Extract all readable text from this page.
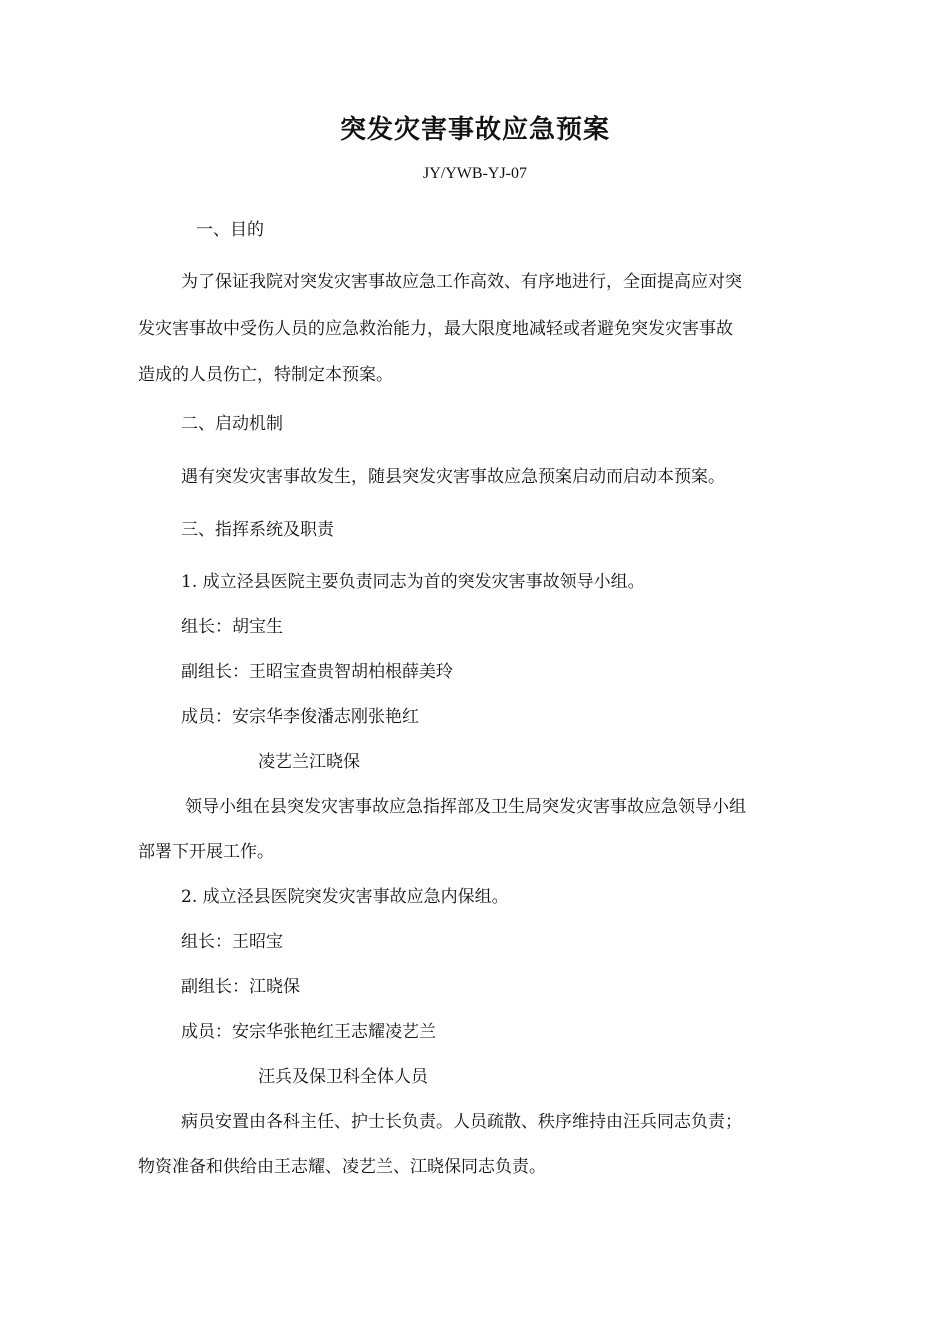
突发灾害事故应急预案
JY/YWB-YJ-07
一、目的
为了保证我院对突发灾害事故应急工作高效、有序地进行，全面提高应对突
发灾害事故中受伤人员的应急救治能力，最大限度地减轻或者避免突发灾害事故
造成的人员伤亡，特制定本预案。
二、启动机制
遇有突发灾害事故发生，随县突发灾害事故应急预案启动而启动本预案。
三、指挥系统及职责
1. 成立泾县医院主要负责同志为首的突发灾害事故领导小组。
组长：胡宝生
副组长：王昭宝查贵智胡柏根薛美玲
成员：安宗华李俊潘志刚张艳红
凌艺兰江晓保
领导小组在县突发灾害事故应急指挥部及卫生局突发灾害事故应急领导小组
部署下开展工作。
2. 成立泾县医院突发灾害事故应急内保组。
组长：王昭宝
副组长：江晓保
成员：安宗华张艳红王志耀凌艺兰
汪兵及保卫科全体人员
病员安置由各科主任、护士长负责。人员疏散、秩序维持由汪兵同志负责；
物资准备和供给由王志耀、凌艺兰、江晓保同志负责。
